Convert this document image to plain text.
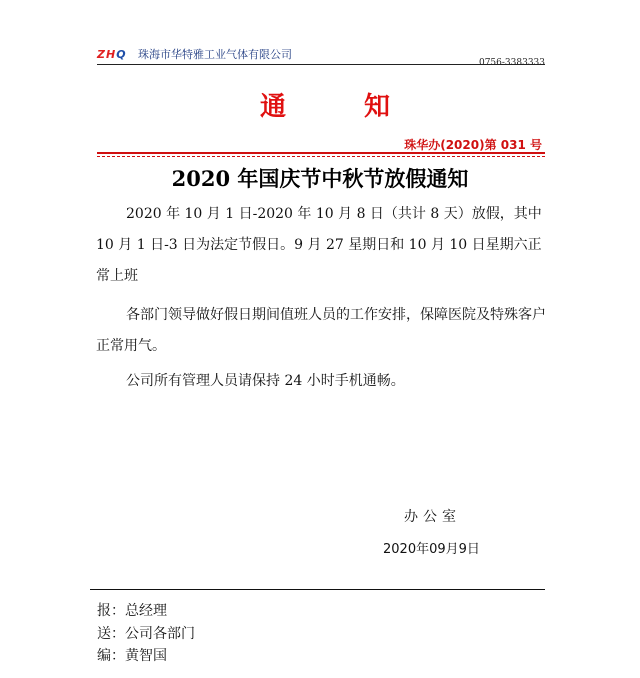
ZHQ 珠海市华特雅工业气体有限公司
0756-3383333
通知
珠华办(2020)第 031 号
2020 年国庆节中秋节放假通知
2020 年 10 月 1 日-2020 年 10 月 8 日（共计 8 天）放假，其中 10 月 1 日-3 日为法定节假日。9 月 27 星期日和 10 月 10 日星期六正常上班
各部门领导做好假日期间值班人员的工作安排，保障医院及特殊客户正常用气。
公司所有管理人员请保持 24 小时手机通畅。
办公室
2020年09月9日
报：总经理
送：公司各部门
编：黄智国
